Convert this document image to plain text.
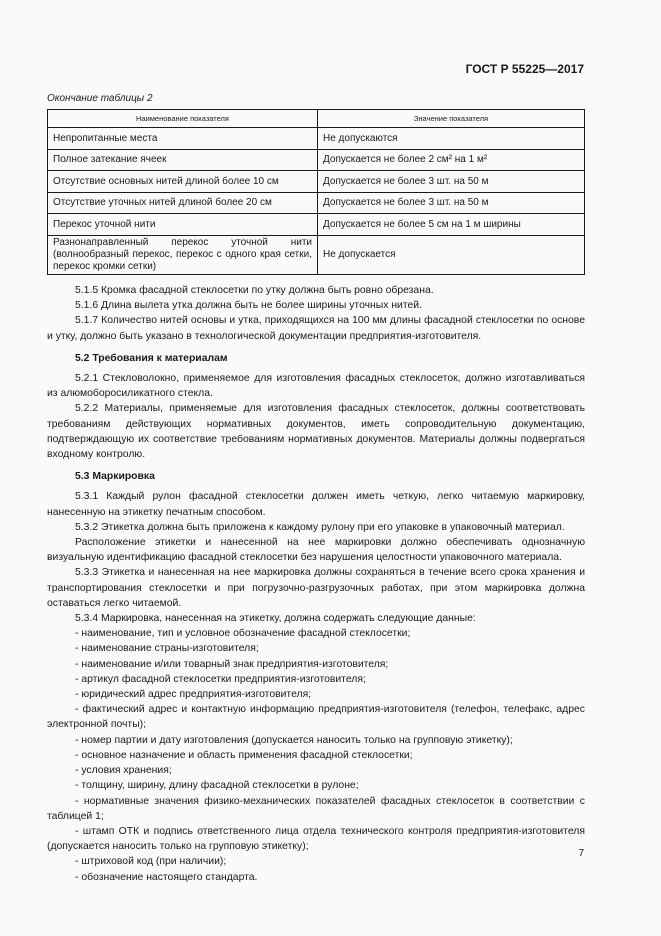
ГОСТ Р 55225—2017
Окончание таблицы 2
Наименование показателя	Значение показателя
Непропитанные места	Не допускаются
Полное затекание ячеек	Допускается не более 2 см² на 1 м²
Отсутствие основных нитей длиной более 10 см	Допускается не более 3 шт. на 50 м
Отсутствие уточных нитей длиной более 20 см	Допускается не более 3 шт. на 50 м
Перекос уточной нити	Допускается не более 5 см на 1 м ширины
Разнонаправленный перекос уточной нити (волнообразный перекос, перекос с одного края сетки, перекос кромки сетки)	Не допускается

5.1.5 Кромка фасадной стеклосетки по утку должна быть ровно обрезана.

5.1.6 Длина вылета утка должна быть не более ширины уточных нитей.

5.1.7 Количество нитей основы и утка, приходящихся на 100 мм длины фасадной стеклосетки по основе и утку, должно быть указано в технологической документации предприятия-изготовителя.

5.2 Требования к материалам

5.2.1 Стекловолокно, применяемое для изготовления фасадных стеклосеток, должно изготавливаться из алюмоборосиликатного стекла.

5.2.2 Материалы, применяемые для изготовления фасадных стеклосеток, должны соответствовать требованиям действующих нормативных документов, иметь сопроводительную документацию, подтверждающую их соответствие требованиям нормативных документов. Материалы должны подвергаться входному контролю.

5.3 Маркировка

5.3.1 Каждый рулон фасадной стеклосетки должен иметь четкую, легко читаемую маркировку, нанесенную на этикетку печатным способом.

5.3.2 Этикетка должна быть приложена к каждому рулону при его упаковке в упаковочный материал.

Расположение этикетки и нанесенной на нее маркировки должно обеспечивать однозначную визуальную идентификацию фасадной стеклосетки без нарушения целостности упаковочного материала.

5.3.3 Этикетка и нанесенная на нее маркировка должны сохраняться в течение всего срока хранения и транспортирования стеклосетки и при погрузочно-разгрузочных работах, при этом маркировка должна оставаться легко читаемой.

5.3.4 Маркировка, нанесенная на этикетку, должна содержать следующие данные:

- наименование, тип и условное обозначение фасадной стеклосетки;

- наименование страны-изготовителя;

- наименование и/или товарный знак предприятия-изготовителя;

- артикул фасадной стеклосетки предприятия-изготовителя;

- юридический адрес предприятия-изготовителя;

- фактический адрес и контактную информацию предприятия-изготовителя (телефон, телефакс, адрес электронной почты);

- номер партии и дату изготовления (допускается наносить только на групповую этикетку);

- основное назначение и область применения фасадной стеклосетки;

- условия хранения;

- толщину, ширину, длину фасадной стеклосетки в рулоне;

- нормативные значения физико-механических показателей фасадных стеклосеток в соответствии с таблицей 1;

- штамп ОТК и подпись ответственного лица отдела технического контроля предприятия-изготовителя (допускается наносить только на групповую этикетку);

- штриховой код (при наличии);

- обозначение настоящего стандарта.

7
